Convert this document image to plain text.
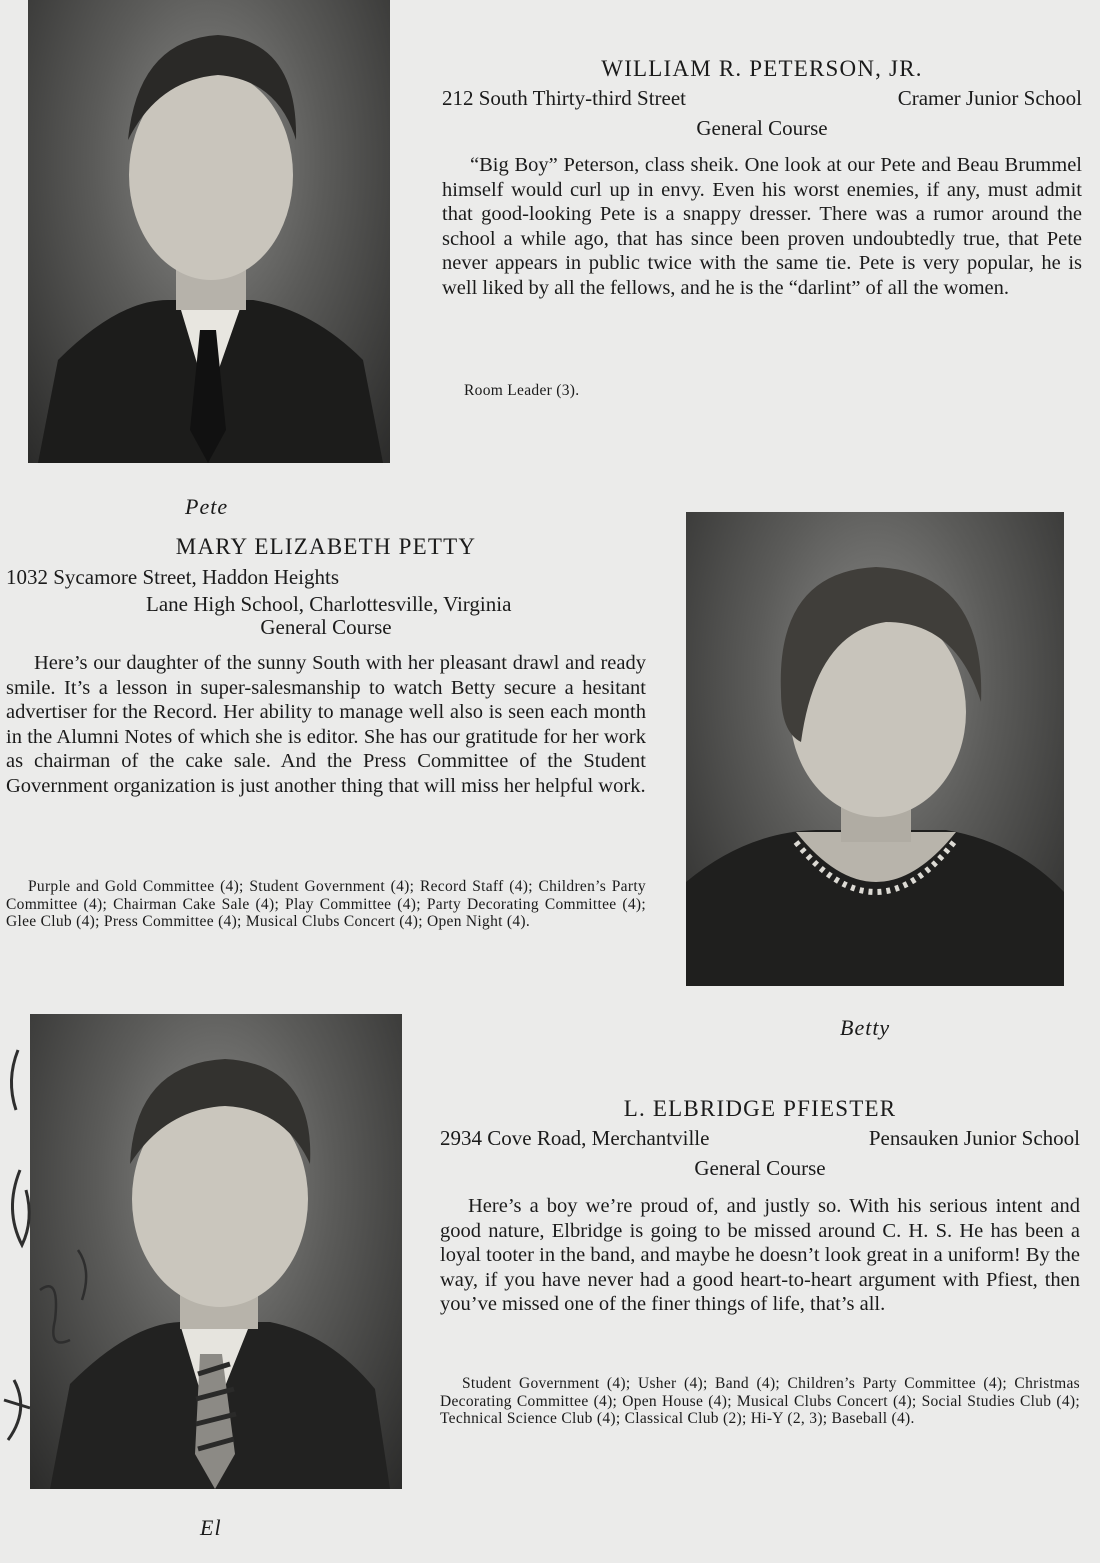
Pete
WILLIAM R. PETERSON, JR.
212 South Thirty-third Street	Cramer Junior School
General Course

“Big Boy” Peterson, class sheik. One look at our Pete and Beau Brummel himself would curl up in envy. Even his worst enemies, if any, must admit that good-looking Pete is a snappy dresser. There was a rumor around the school a while ago, that has since been proven undoubtedly true, that Pete never appears in public twice with the same tie. Pete is very popular, he is well liked by all the fellows, and he is the “darlint” of all the women.

Room Leader (3).

MARY ELIZABETH PETTY
1032 Sycamore Street, Haddon Heights
Lane High School, Charlottesville, Virginia
General Course

Here’s our daughter of the sunny South with her pleasant drawl and ready smile. It’s a lesson in super-salesmanship to watch Betty secure a hesitant advertiser for the Record. Her ability to manage well also is seen each month in the Alumni Notes of which she is editor. She has our gratitude for her work as chairman of the cake sale. And the Press Committee of the Student Government organization is just another thing that will miss her helpful work.

Purple and Gold Committee (4); Student Government (4); Record Staff (4); Children’s Party Committee (4); Chairman Cake Sale (4); Play Committee (4); Party Decorating Committee (4); Glee Club (4); Press Committee (4); Musical Clubs Concert (4); Open Night (4).

Betty
El
L. ELBRIDGE PFIESTER
2934 Cove Road, Merchantville	Pensauken Junior School
General Course

Here’s a boy we’re proud of, and justly so. With his serious intent and good nature, Elbridge is going to be missed around C. H. S. He has been a loyal tooter in the band, and maybe he doesn’t look great in a uniform! By the way, if you have never had a good heart-to-heart argument with Pfiest, then you’ve missed one of the finer things of life, that’s all.

Student Government (4); Usher (4); Band (4); Children’s Party Committee (4); Christmas Decorating Committee (4); Open House (4); Musical Clubs Concert (4); Social Studies Club (4); Technical Science Club (4); Classical Club (2); Hi-Y (2, 3); Baseball (4).
